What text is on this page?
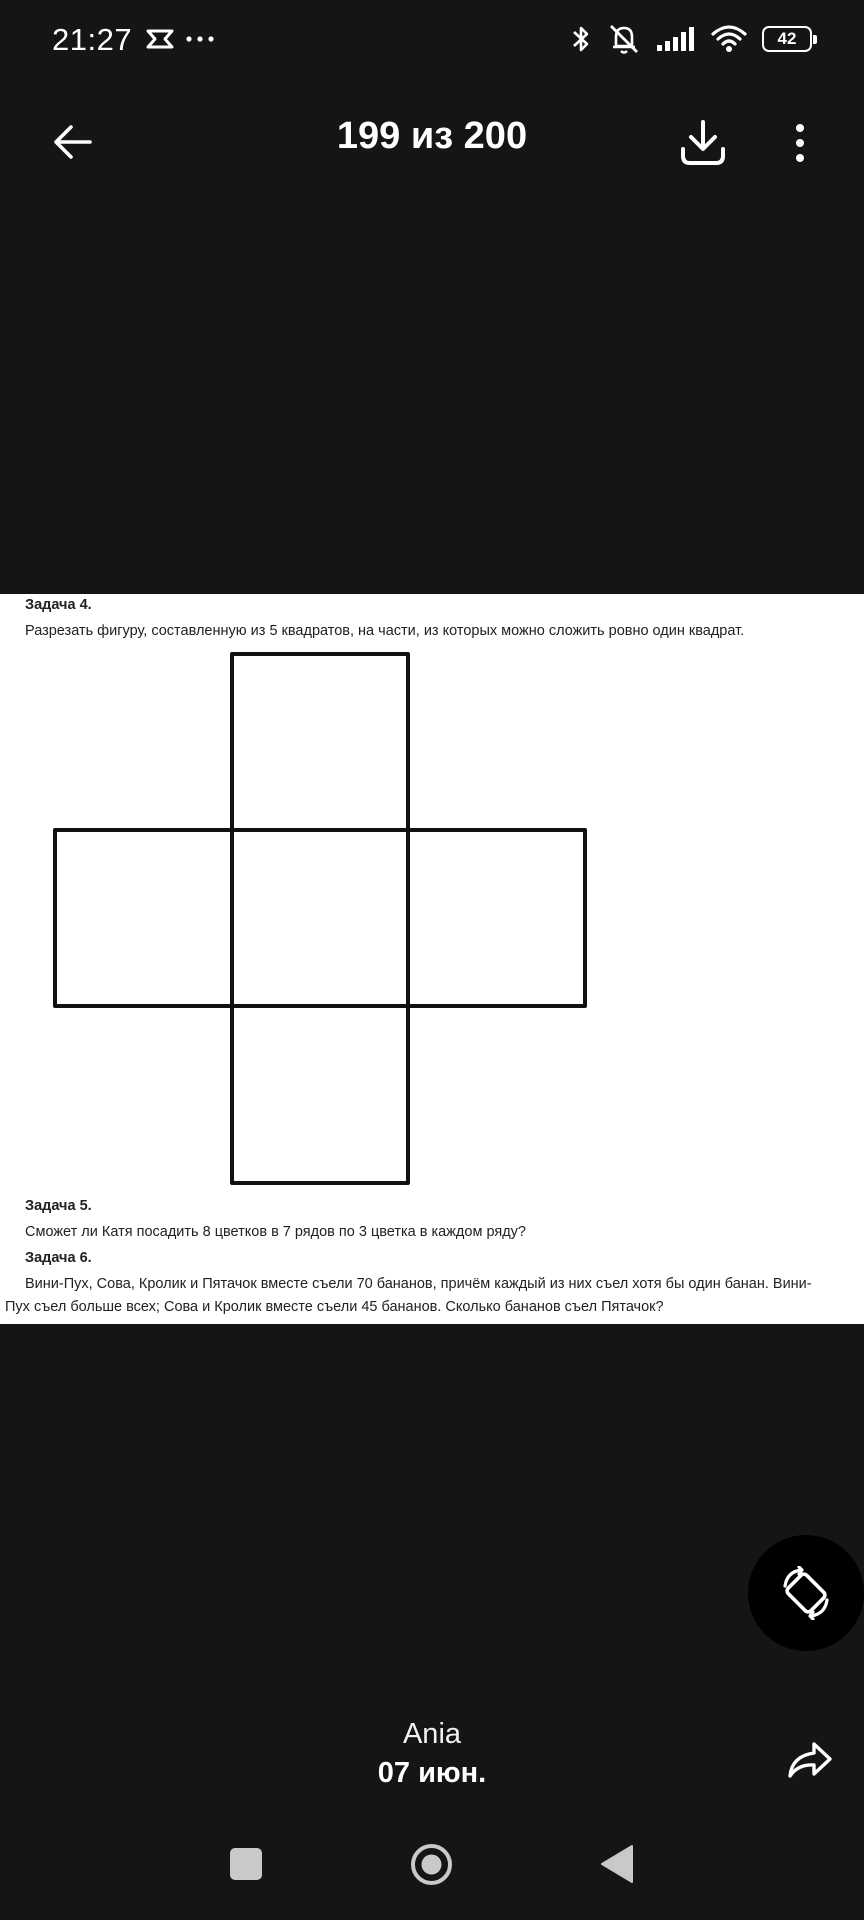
21:27	42
199 из 200
Задача 4.
Разрезать фигуру, составленную из 5 квадратов, на части, из которых можно сложить ровно один квадрат.
Задача 5.
Сможет ли Катя посадить 8 цветков в 7 рядов по 3 цветка в каждом ряду?
Задача 6.
Вини-Пух, Сова, Кролик и Пятачок вместе съели 70 бананов, причём каждый из них съел хотя бы один банан. Вини-
Пух съел больше всех; Сова и Кролик вместе съели 45 бананов. Сколько бананов съел Пятачок?
Ania
07 июн.
